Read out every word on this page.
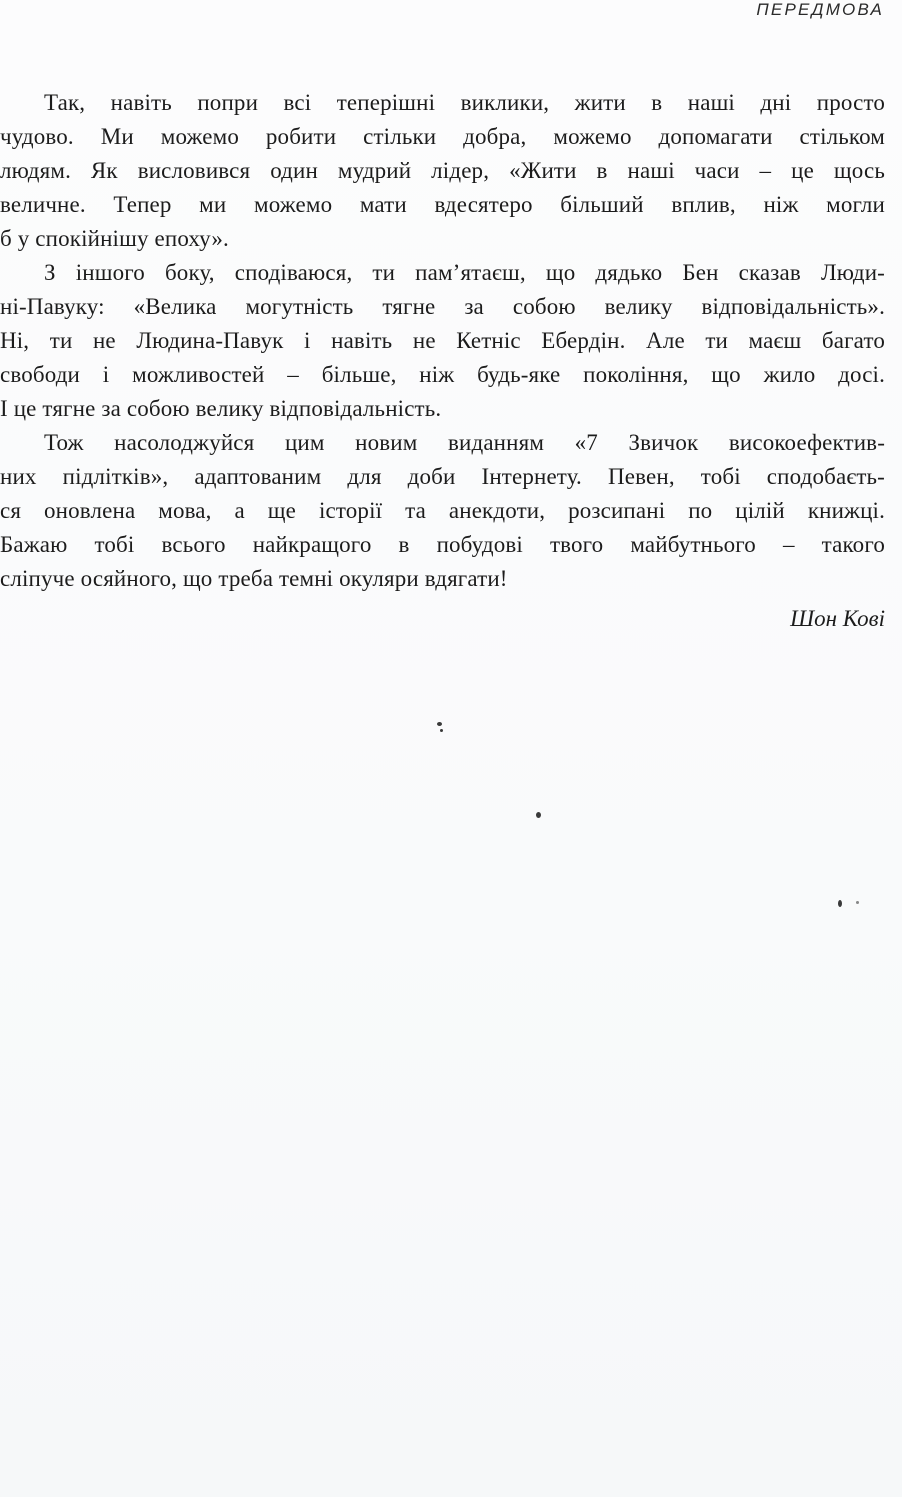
ПЕРЕДМОВА
Так, навіть попри всі теперішні виклики, жити в наші дні просто
чудово. Ми можемо робити стільки добра, можемо допомагати стільком
людям. Як висловився один мудрий лідер, «Жити в наші часи – це щось
величне. Тепер ми можемо мати вдесятеро більший вплив, ніж могли
б у спокійнішу епоху».
З іншого боку, сподіваюся, ти пам’ятаєш, що дядько Бен сказав Люди-
ні-Павуку: «Велика могутність тягне за собою велику відповідальність».
Ні, ти не Людина-Павук і навіть не Кетніс Ебердін. Але ти маєш багато
свободи і можливостей – більше, ніж будь-яке покоління, що жило досі.
І це тягне за собою велику відповідальність.
Тож насолоджуйся цим новим виданням «7 Звичок високоефектив-
них підлітків», адаптованим для доби Інтернету. Певен, тобі сподобаєть-
ся оновлена мова, а ще історії та анекдоти, розсипані по цілій книжці.
Бажаю тобі всього найкращого в побудові твого майбутнього – такого
сліпуче осяйного, що треба темні окуляри вдягати!
Шон Кові
